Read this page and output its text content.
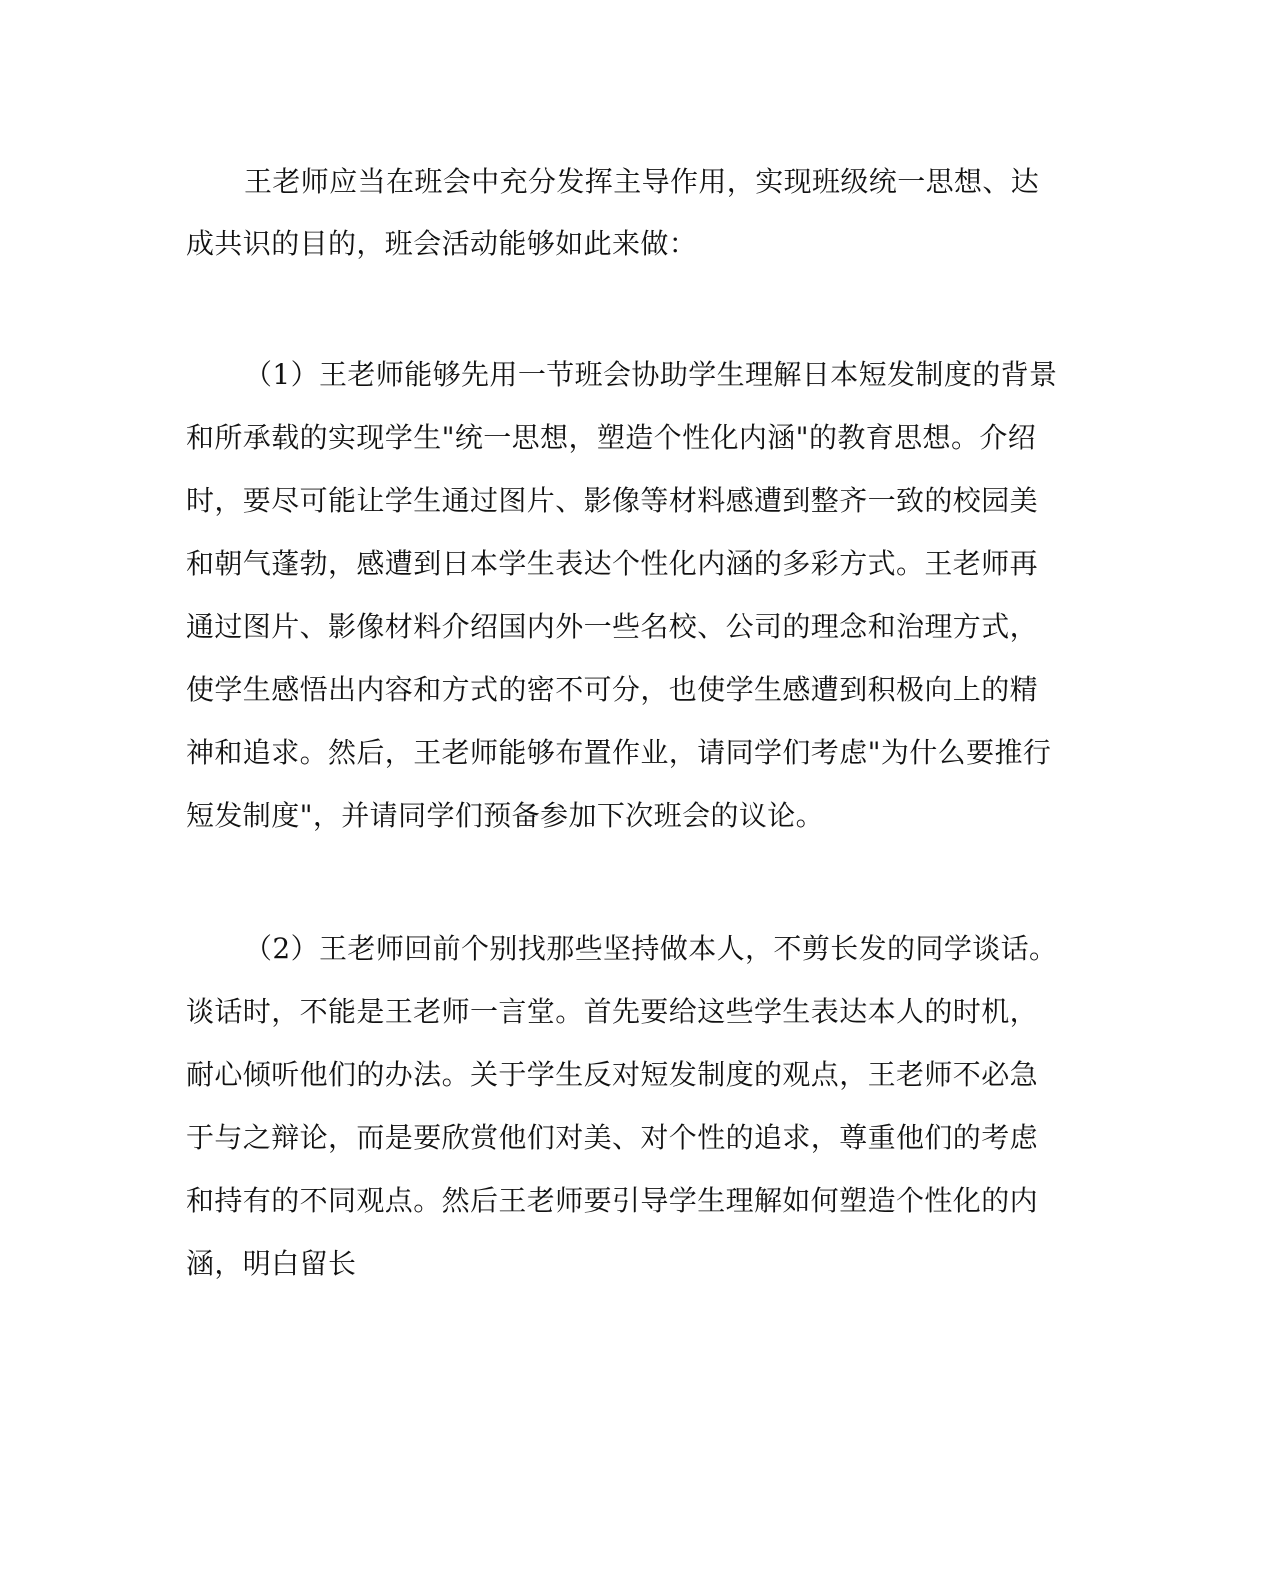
王老师应当在班会中充分发挥主导作用，实现班级统一思想、达
成共识的目的，班会活动能够如此来做：
（1）王老师能够先用一节班会协助学生理解日本短发制度的背景
和所承载的实现学生"统一思想，塑造个性化内涵"的教育思想。介绍
时，要尽可能让学生通过图片、影像等材料感遭到整齐一致的校园美
和朝气蓬勃，感遭到日本学生表达个性化内涵的多彩方式。王老师再
通过图片、影像材料介绍国内外一些名校、公司的理念和治理方式，
使学生感悟出内容和方式的密不可分，也使学生感遭到积极向上的精
神和追求。然后，王老师能够布置作业，请同学们考虑"为什么要推行
短发制度"，并请同学们预备参加下次班会的议论。
（2）王老师回前个别找那些坚持做本人，不剪长发的同学谈话。
谈话时，不能是王老师一言堂。首先要给这些学生表达本人的时机，
耐心倾听他们的办法。关于学生反对短发制度的观点，王老师不必急
于与之辩论，而是要欣赏他们对美、对个性的追求，尊重他们的考虑
和持有的不同观点。然后王老师要引导学生理解如何塑造个性化的内
涵，明白留长
